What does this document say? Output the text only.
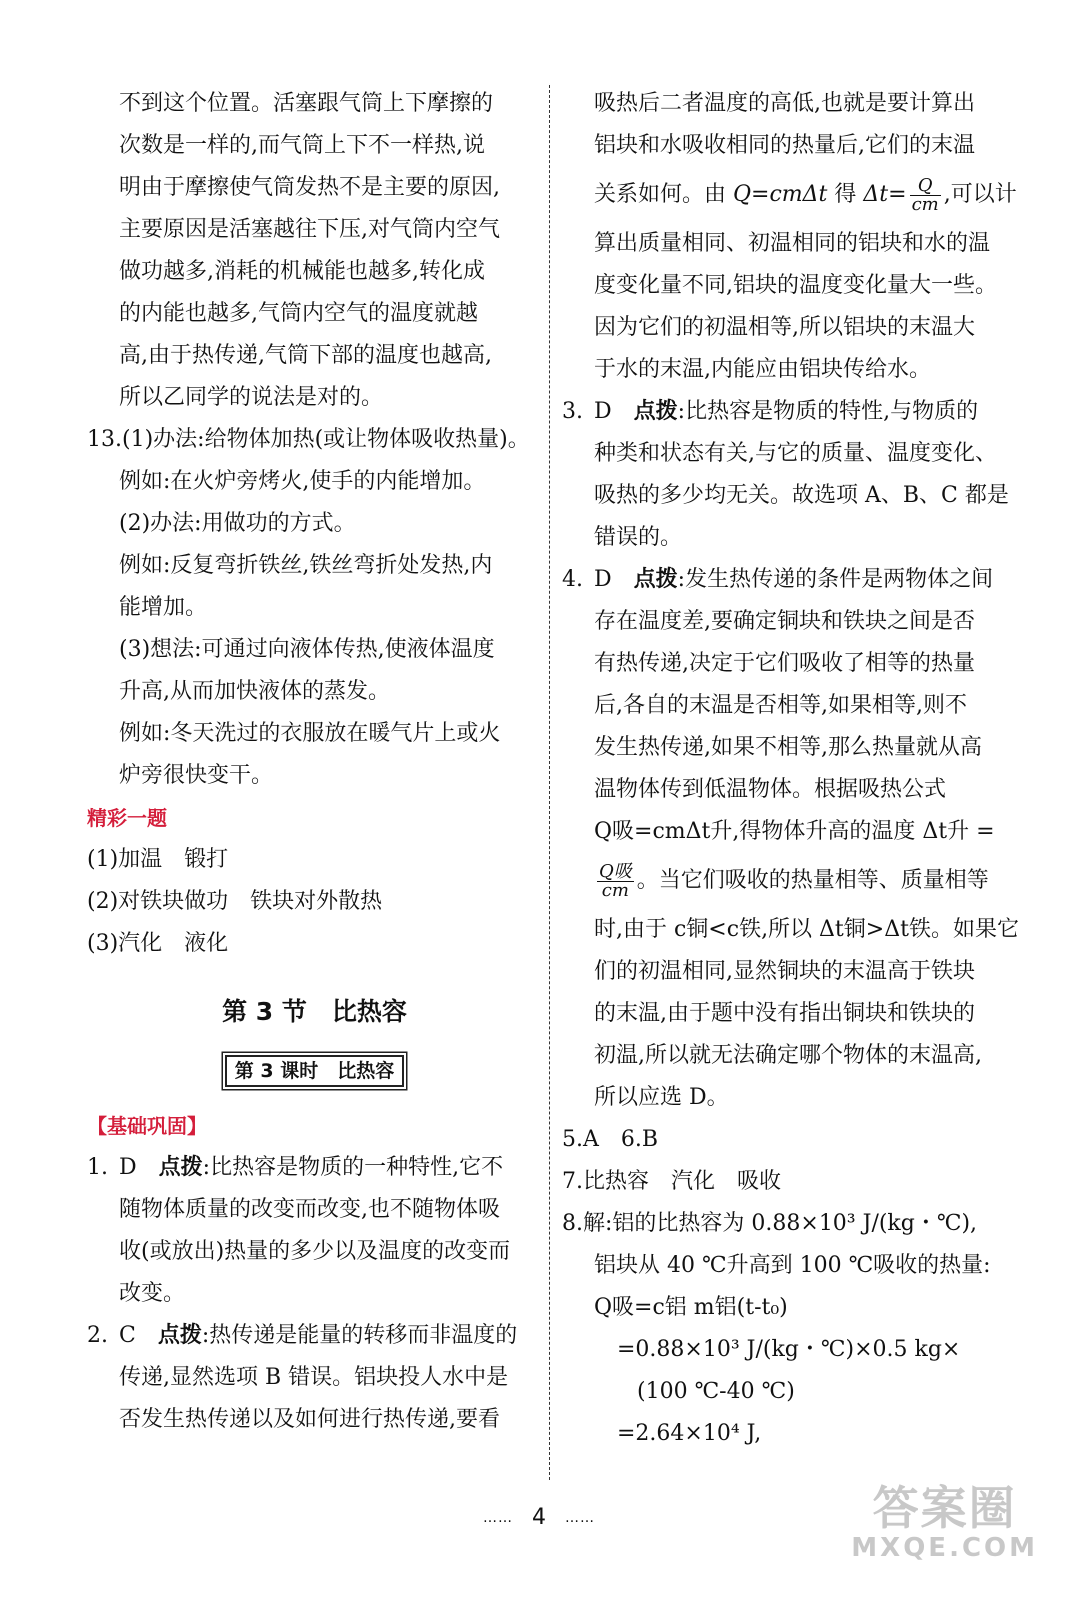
不到这个位置。活塞跟气筒上下摩擦的
次数是一样的,而气筒上下不一样热,说
明由于摩擦使气筒发热不是主要的原因,
主要原因是活塞越往下压,对气筒内空气
做功越多,消耗的机械能也越多,转化成
的内能也越多,气筒内空气的温度就越
高,由于热传递,气筒下部的温度也越高,
所以乙同学的说法是对的。
13.(1)办法:给物体加热(或让物体吸收热量)。
例如:在火炉旁烤火,使手的内能增加。
(2)办法:用做功的方式。
例如:反复弯折铁丝,铁丝弯折处发热,内
能增加。
(3)想法:可通过向液体传热,使液体温度
升高,从而加快液体的蒸发。
例如:冬天洗过的衣服放在暖气片上或火
炉旁很快变干。
精彩一题
(1)加温　锻打
(2)对铁块做功　铁块对外散热
(3)汽化　液化
第 3 节　比热容
第 3 课时　比热容
【基础巩固】
1. D　 点拨:比热容是物质的一种特性,它不
随物体质量的改变而改变,也不随物体吸
收(或放出)热量的多少以及温度的改变而
改变。
2. C　 点拨:热传递是能量的转移而非温度的
传递,显然选项 B 错误。铝块投人水中是
否发生热传递以及如何进行热传递,要看
吸热后二者温度的高低,也就是要计算出
铝块和水吸收相同的热量后,它们的末温
关系如何。由 Q=cmΔt 得 $\Delta t= \frac{Q}{cm}$ ,可以计
算出质量相同、初温相同的铝块和水的温
度变化量不同,铝块的温度变化量大一些。
因为它们的初温相等,所以铝块的末温大
于水的末温,内能应由铝块传给水。
3. D　 点拨:比热容是物质的特性,与物质的
种类和状态有关,与它的质量、温度变化、
吸热的多少均无关。故选项 A、B、C 都是
错误的。
4. D　 点拨:发生热传递的条件是两物体之间
存在温度差,要确定铜块和铁块之间是否
有热传递,决定于它们吸收了相等的热量
后,各自的末温是否相等,如果相等,则不
发生热传递,如果不相等,那么热量就从高
温物体传到低温物体。根据吸热公式
Q吸=cmΔt升,得物体升高的温度 Δt升 =
$\frac{\text{Q吸}}{cm}$ 。当它们吸收的热量相等、质量相等
时,由于 c铜<c铁,所以 Δt铜>Δt铁。如果它
们的初温相同,显然铜块的末温高于铁块
的末温,由于题中没有指出铜块和铁块的
初温,所以就无法确定哪个物体的末温高,
所以应选 D。
5.A　6.B
7.比热容　汽化　吸收
8.解:铝的比热容为 0.88×10³ J/(kg・℃),
铝块从 40 ℃升高到 100 ℃吸收的热量:
Q吸=c铝 m铝(t-t₀)
=0.88×10³ J/(kg・℃)×0.5 kg×
(100 ℃-40 ℃)
=2.64×10⁴ J,
…… 4 ……	答案圈
MXQE.COM
